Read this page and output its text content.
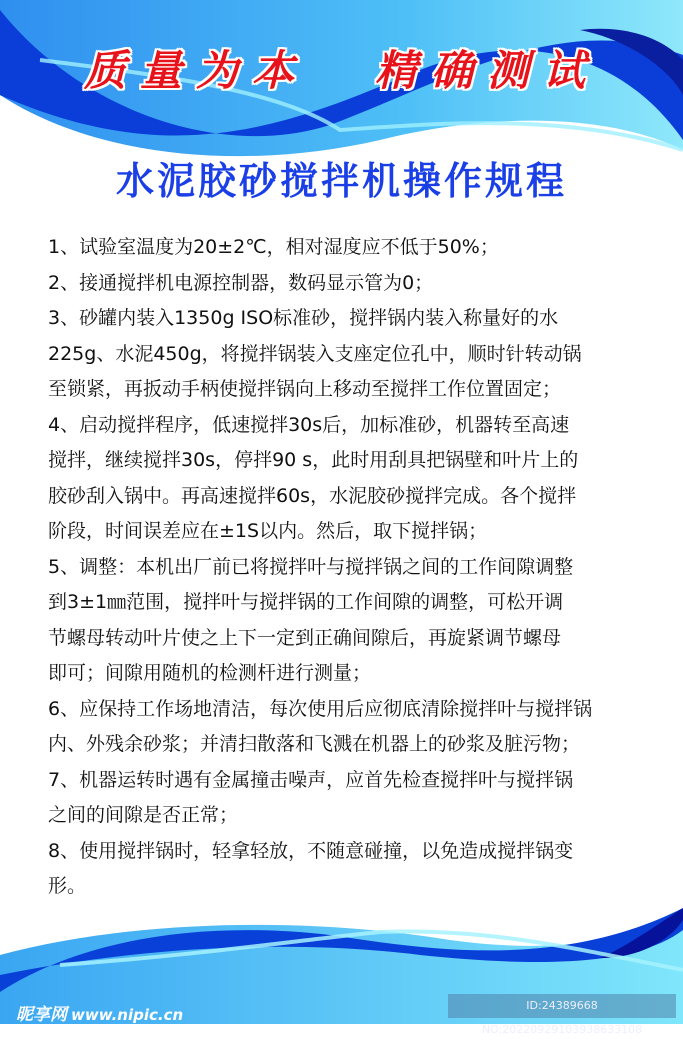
质量为本 精确测试
水泥胶砂搅拌机操作规程
1、试验室温度为20±2℃，相对湿度应不低于50%；
2、接通搅拌机电源控制器，数码显示管为0；
3、砂罐内装入1350g ISO标准砂，搅拌锅内装入称量好的水
225g、水泥450g，将搅拌锅装入支座定位孔中，顺时针转动锅
至锁紧，再扳动手柄使搅拌锅向上移动至搅拌工作位置固定；
4、启动搅拌程序，低速搅拌30s后，加标准砂，机器转至高速
搅拌，继续搅拌30s，停拌90 s，此时用刮具把锅壁和叶片上的
胶砂刮入锅中。再高速搅拌60s，水泥胶砂搅拌完成。各个搅拌
阶段，时间误差应在±1S以内。然后，取下搅拌锅；
5、调整：本机出厂前已将搅拌叶与搅拌锅之间的工作间隙调整
到3±1㎜范围，搅拌叶与搅拌锅的工作间隙的调整，可松开调
节螺母转动叶片使之上下一定到正确间隙后，再旋紧调节螺母
即可；间隙用随机的检测杆进行测量；
6、应保持工作场地清洁，每次使用后应彻底清除搅拌叶与搅拌锅
内、外残余砂浆；并清扫散落和飞溅在机器上的砂浆及脏污物；
7、机器运转时遇有金属撞击噪声，应首先检查搅拌叶与搅拌锅
之间的间隙是否正常；
8、使用搅拌锅时，轻拿轻放，不随意碰撞，以免造成搅拌锅变
形。
昵享网 www.nipic.cn
ID:24389668 NO:20220929103938633108
